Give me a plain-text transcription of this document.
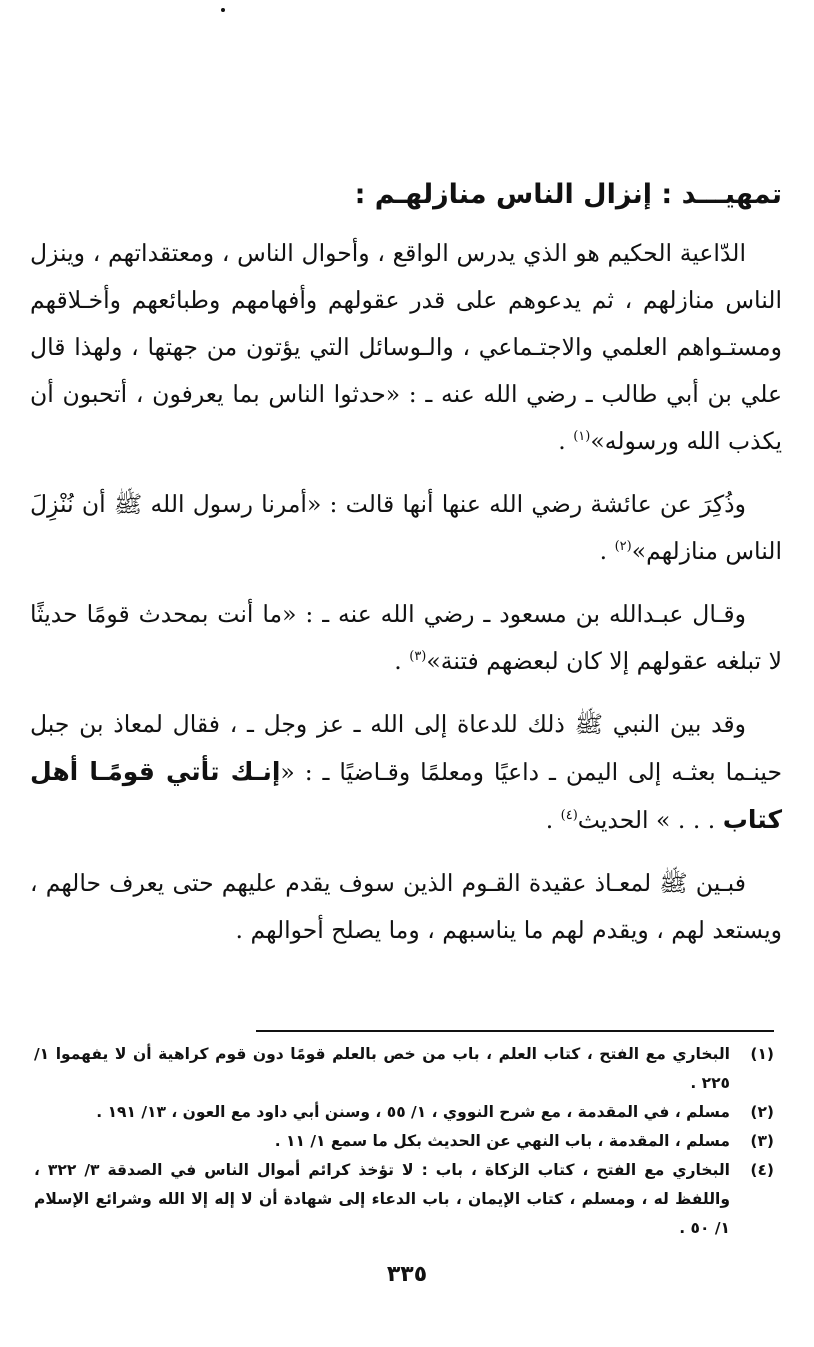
تمهيـــد : إنزال الناس منازلهـم :

الدّاعية الحكيم هو الذي يدرس الواقع ، وأحوال الناس ، ومعتقداتهم ، وينزل الناس منازلهم ، ثم يدعوهم على قدر عقولهم وأفهامهم وطبائعهم وأخـلاقهم ومستـواهم العلمي والاجتـماعي ، والـوسائل التي يؤتون من جهتها ، ولهذا قال علي بن أبي طالب ـ رضي الله عنه ـ : «حدثوا الناس بما يعرفون ، أتحبون أن يكذب الله ورسوله»$^{(١)}$ .

وذُكِرَ عن عائشة رضي الله عنها أنها قالت : «أمرنا رسول الله ﷺ أن نُنْزِلَ الناس منازلهم»$^{(٢)}$ .

وقـال عبـدالله بن مسعود ـ رضي الله عنه ـ : «ما أنت بمحدث قومًا حديثًا لا تبلغه عقولهم إلا كان لبعضهم فتنة»$^{(٣)}$ .

وقد بين النبي ﷺ ذلك للدعاة إلى الله ـ عز وجل ـ ، فقال لمعاذ بن جبل حينـما بعثـه إلى اليمن ـ داعيًا ومعلمًا وقـاضيًا ـ : «إنـك تأتي قومًـا أهل كتاب . . . » الحديث$^{(٤)}$ .

فبـين ﷺ لمعـاذ عقيدة القـوم الذين سوف يقدم عليهم حتى يعرف حالهم ، ويستعد لهم ، ويقدم لهم ما يناسبهم ، وما يصلح أحوالهم .

(١)
البخاري مع الفتح ، كتاب العلم ، باب من خص بالعلم قومًا دون قوم كراهية أن لا يفهموا ١/ ٢٢٥ .
(٢)
مسلم ، في المقدمة ، مع شرح النووي ، ١/ ٥٥ ، وسنن أبي داود مع العون ، ١٣/ ١٩١ .
(٣)
مسلم ، المقدمة ، باب النهي عن الحديث بكل ما سمع ١/ ١١ .
(٤)
البخاري مع الفتح ، كتاب الزكاة ، باب : لا تؤخذ كرائم أموال الناس في الصدقة ٣/ ٣٢٢ ، واللفظ له ، ومسلم ، كتاب الإيمان ، باب الدعاء إلى شهادة أن لا إله إلا الله وشرائع الإسلام ١/ ٥٠ .
٣٣٥
